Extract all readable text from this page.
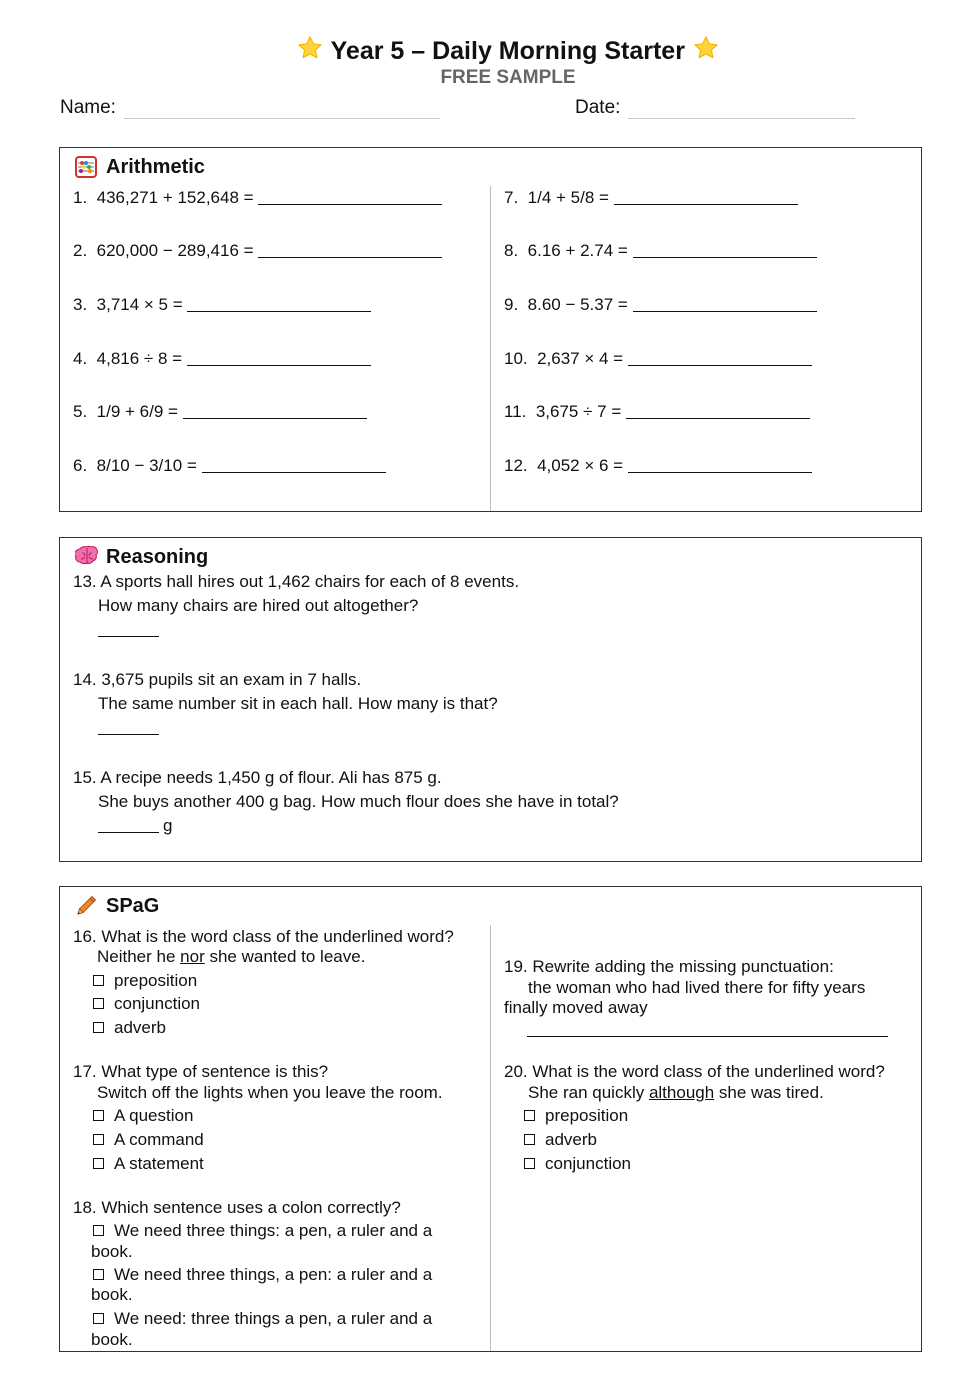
Year 5 – Daily Morning Starter
FREE SAMPLE
Name:	Date:
Arithmetic
1. 436,271 + 152,648 =
2. 620,000 − 289,416 =
3. 3,714 × 5 =
4. 4,816 ÷ 8 =
5. 1/9 + 6/9 =
6. 8/10 − 3/10 =
7. 1/4 + 5/8 =
8. 6.16 + 2.74 =
9. 8.60 − 5.37 =
10. 2,637 × 4 =
11. 3,675 ÷ 7 =
12. 4,052 × 6 =
Reasoning
13. A sports hall hires out 1,462 chairs for each of 8 events.
How many chairs are hired out altogether?
14. 3,675 pupils sit an exam in 7 halls.
The same number sit in each hall. How many is that?
15. A recipe needs 1,450 g of flour. Ali has 875 g.
She buys another 400 g bag. How much flour does she have in total?
g
SPaG
16. What is the word class of the underlined word?
Neither he nor she wanted to leave.
preposition
conjunction
adverb
17. What type of sentence is this?
Switch off the lights when you leave the room.
A question
A command
A statement
18. Which sentence uses a colon correctly?
We need three things: a pen, a ruler and a
book.
We need three things, a pen: a ruler and a
book.
We need: three things a pen, a ruler and a
book.
19. Rewrite adding the missing punctuation:
the woman who had lived there for fifty years
finally moved away
20. What is the word class of the underlined word?
She ran quickly although she was tired.
preposition
adverb
conjunction
